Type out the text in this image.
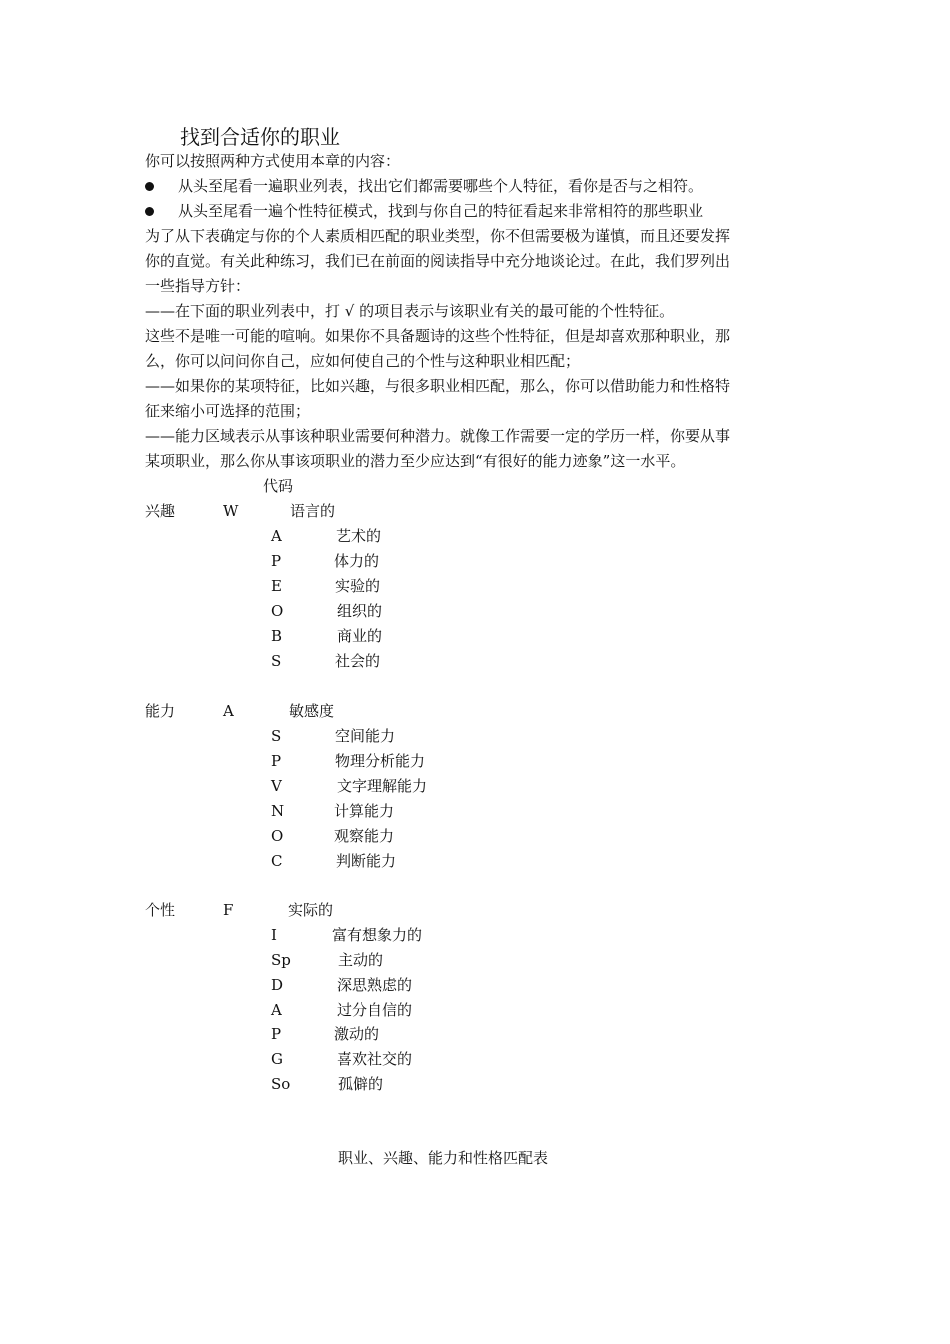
找到合适你的职业
你可以按照两种方式使用本章的内容：
从头至尾看一遍职业列表，找出它们都需要哪些个人特征，看你是否与之相符。
从头至尾看一遍个性特征模式，找到与你自己的特征看起来非常相符的那些职业
为了从下表确定与你的个人素质相匹配的职业类型，你不但需要极为谨慎，而且还要发挥
你的直觉。有关此种练习，我们已在前面的阅读指导中充分地谈论过。在此，我们罗列出
一些指导方针：
——在下面的职业列表中，打 √ 的项目表示与该职业有关的最可能的个性特征。
这些不是唯一可能的喧响。如果你不具备题诗的这些个性特征，但是却喜欢那种职业，那
么，你可以问问你自己，应如何使自己的个性与这种职业相匹配；
——如果你的某项特征，比如兴趣，与很多职业相匹配，那么，你可以借助能力和性格特
征来缩小可选择的范围；
——能力区域表示从事该种职业需要何种潜力。就像工作需要一定的学历一样，你要从事
某项职业，那么你从事该项职业的潜力至少应达到“有很好的能力迹象”这一水平。
代码
兴趣	W	语言的
A	艺术的
P	体力的
E	实验的
O	组织的
B	商业的
S	社会的
能力	A	敏感度
S	空间能力
P	物理分析能力
V	文字理解能力
N	计算能力
O	观察能力
C	判断能力
个性	F	实际的
I	富有想象力的
Sp	主动的
D	深思熟虑的
A	过分自信的
P	激动的
G	喜欢社交的
So	孤僻的
职业、兴趣、能力和性格匹配表
